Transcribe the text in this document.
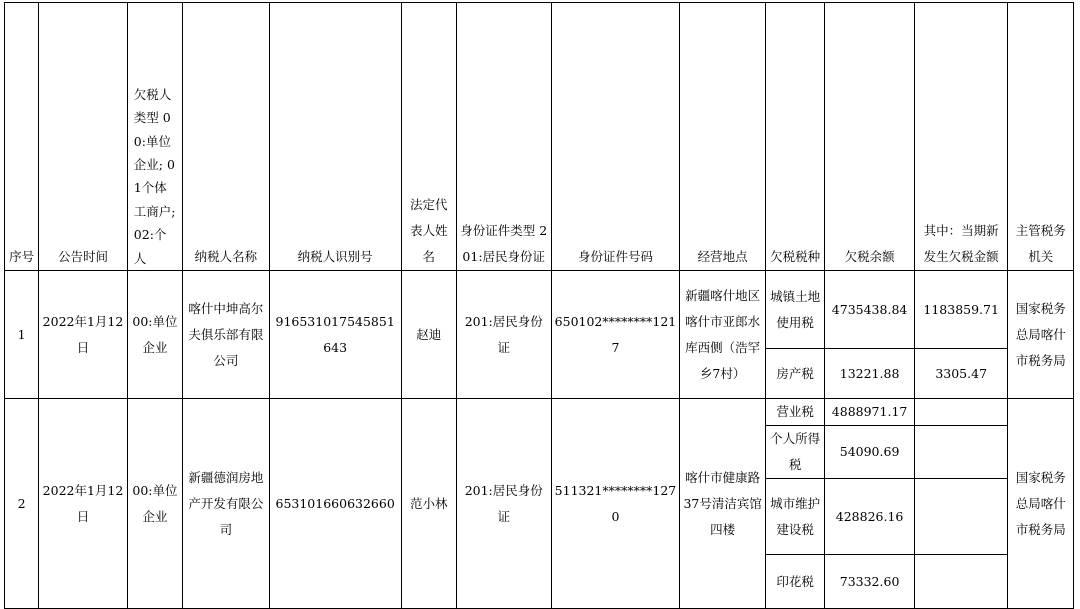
序号	公告时间	欠税人类型 00:单位企业; 01个体工商户; 02:个人	纳税人名称	纳税人识别号	法定代表人姓名	身份证件类型 201:居民身份证	身份证件号码	经营地点	欠税税种	欠税余额	其中：当期新发生欠税金额	主管税务机关
1	2022年1月12日	00:单位企业	喀什中坤高尔夫俱乐部有限公司	916531017545851643	赵迪	201:居民身份证	650102********1217	新疆喀什地区喀什市亚郎水库西侧（浩罕乡7村）	城镇土地使用税	4735438.84	1183859.71	国家税务总局喀什市税务局
									房产税	13221.88	3305.47	
2	2022年1月12日	00:单位企业	新疆德润房地产开发有限公司	653101660632660	范小林	201:居民身份证	511321********1270	喀什市健康路37号清洁宾馆四楼	营业税	4888971.17		国家税务总局喀什市税务局
									个人所得税	54090.69		
									城市维护建设税	428826.16		
									印花税	73332.60		
